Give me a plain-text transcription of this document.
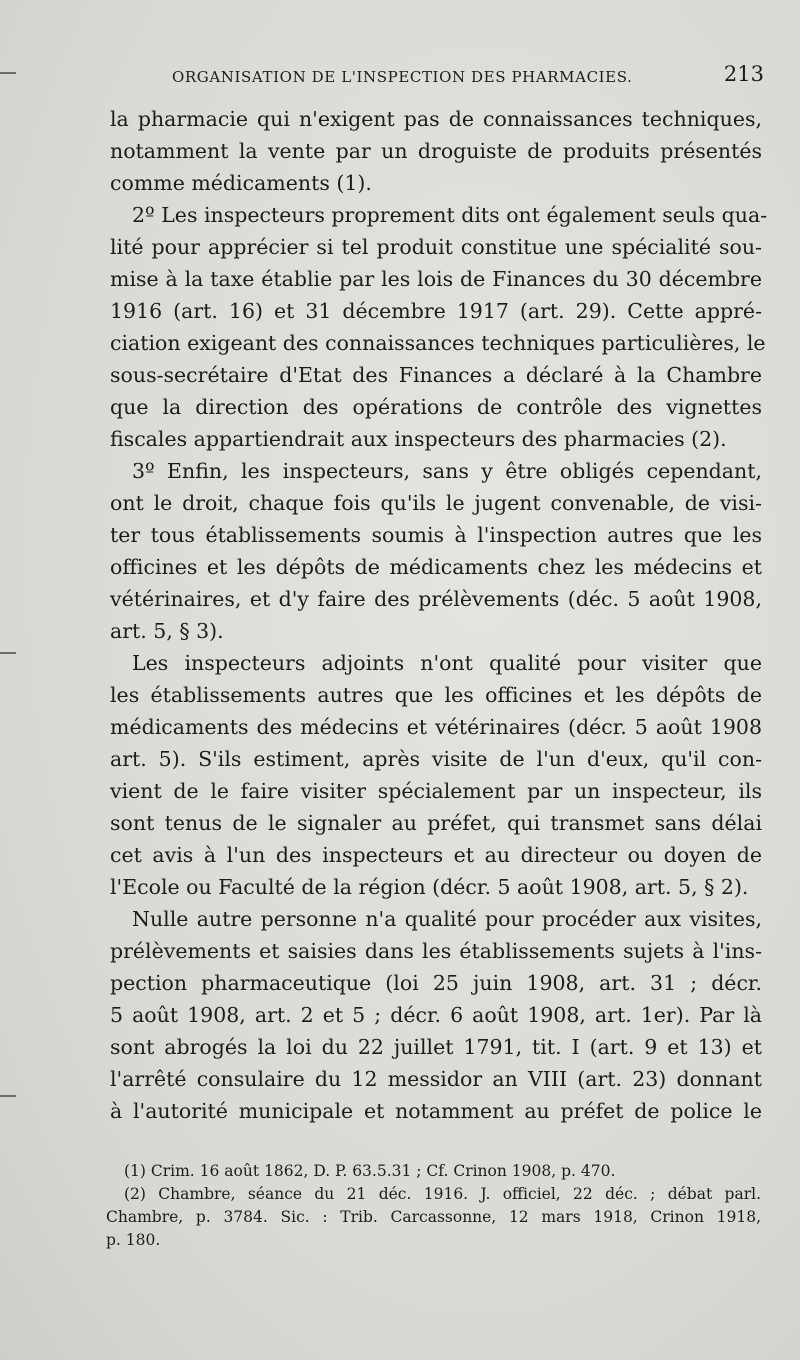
ORGANISATION DE L'INSPECTION DES PHARMACIES.	213
la pharmacie qui n'exigent pas de connaissances techniques,
notamment la vente par un droguiste de produits présentés
comme médicaments (1).
2º Les inspecteurs proprement dits ont également seuls qua-
lité pour apprécier si tel produit constitue une spécialité sou-
mise à la taxe établie par les lois de Finances du 30 décembre
1916 (art. 16) et 31 décembre 1917 (art. 29). Cette appré-
ciation exigeant des connaissances techniques particulières, le
sous-secrétaire d'Etat des Finances a déclaré à la Chambre
que la direction des opérations de contrôle des vignettes
fiscales appartiendrait aux inspecteurs des pharmacies (2).
3º Enfin, les inspecteurs, sans y être obligés cependant,
ont le droit, chaque fois qu'ils le jugent convenable, de visi-
ter tous établissements soumis à l'inspection autres que les
officines et les dépôts de médicaments chez les médecins et
vétérinaires, et d'y faire des prélèvements (déc. 5 août 1908,
art. 5, § 3).
Les inspecteurs adjoints n'ont qualité pour visiter que
les établissements autres que les officines et les dépôts de
médicaments des médecins et vétérinaires (décr. 5 août 1908
art. 5). S'ils estiment, après visite de l'un d'eux, qu'il con-
vient de le faire visiter spécialement par un inspecteur, ils
sont tenus de le signaler au préfet, qui transmet sans délai
cet avis à l'un des inspecteurs et au directeur ou doyen de
l'Ecole ou Faculté de la région (décr. 5 août 1908, art. 5, § 2).
Nulle autre personne n'a qualité pour procéder aux visites,
prélèvements et saisies dans les établissements sujets à l'ins-
pection pharmaceutique (loi 25 juin 1908, art. 31 ; décr.
5 août 1908, art. 2 et 5 ; décr. 6 août 1908, art. 1er). Par là
sont abrogés la loi du 22 juillet 1791, tit. I (art. 9 et 13) et
l'arrêté consulaire du 12 messidor an VIII (art. 23) donnant
à l'autorité municipale et notamment au préfet de police le
(1) Crim. 16 août 1862, D. P. 63.5.31 ; Cf. Crinon 1908, p. 470.
(2) Chambre, séance du 21 déc. 1916. J. officiel, 22 déc. ; débat parl.
Chambre, p. 3784. Sic. : Trib. Carcassonne, 12 mars 1918, Crinon 1918,
p. 180.
